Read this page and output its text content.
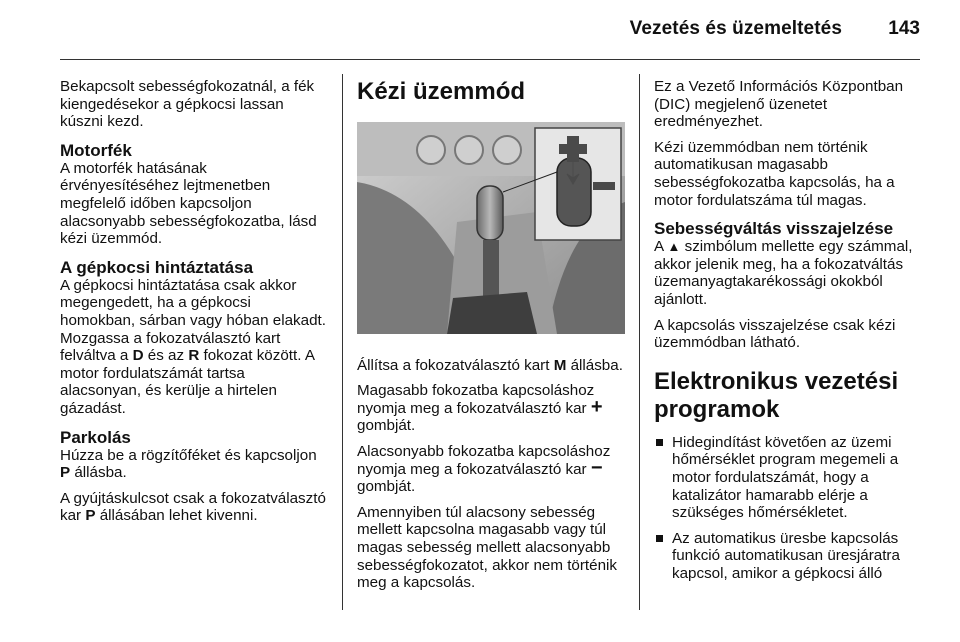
Vezetés és üzemeltetés	143

Bekapcsolt sebességfokozatnál, a fék kiengedésekor a gépkocsi lassan kúszni kezd.

Motorfék

A motorfék hatásának érvényesítéséhez lejtmenetben megfelelő időben kapcsoljon alacsonyabb sebességfokozatba, lásd kézi üzemmód.

A gépkocsi hintáztatása

A gépkocsi hintáztatása csak akkor megengedett, ha a gépkocsi homokban, sárban vagy hóban elakadt. Mozgassa a fokozatválasztó kart felváltva a D és az R fokozat között. A motor fordulatszámát tartsa alacsonyan, és kerülje a hirtelen gázadást.

Parkolás

Húzza be a rögzítőféket és kapcsoljon P állásba.

A gyújtáskulcsot csak a fokozatválasztó kar P állásában lehet kivenni.

Kézi üzemmód

Állítsa a fokozatválasztó kart M állásba.

Magasabb fokozatba kapcsoláshoz nyomja meg a fokozatválasztó kar + gombját.

Alacsonyabb fokozatba kapcsoláshoz nyomja meg a fokozatválasztó kar − gombját.

Amennyiben túl alacsony sebesség mellett kapcsolna magasabb vagy túl magas sebesség mellett alacsonyabb sebességfokozatot, akkor nem történik meg a kapcsolás.

Ez a Vezető Információs Központban (DIC) megjelenő üzenetet eredményezhet.

Kézi üzemmódban nem történik automatikusan magasabb sebességfokozatba kapcsolás, ha a motor fordulatszáma túl magas.

Sebességváltás visszajelzése

A ▲ szimbólum mellette egy számmal, akkor jelenik meg, ha a fokozatváltás üzemanyagtakarékossági okokból ajánlott.

A kapcsolás visszajelzése csak kézi üzemmódban látható.

Elektronikus vezetési programok
Hidegindítást követően az üzemi hőmérséklet program megemeli a motor fordulatszámát, hogy a katalizátor hamarabb elérje a szükséges hőmérsékletet.
Az automatikus üresbe kapcsolás funkció automatikusan üresjáratra kapcsol, amikor a gépkocsi álló
